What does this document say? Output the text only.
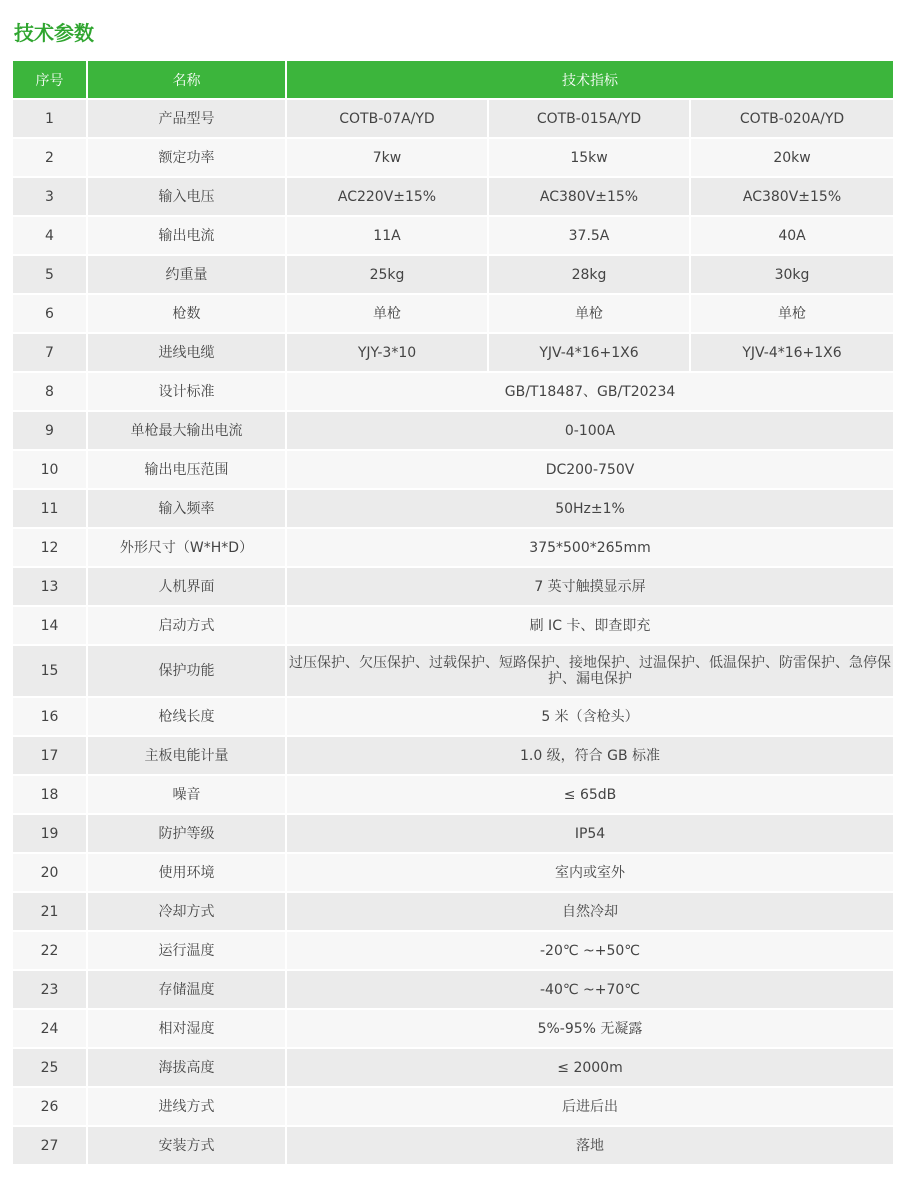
技术参数
序号	名称	技术指标		
1	产品型号	COTB-07A/YD	COTB-015A/YD	COTB-020A/YD
2	额定功率	7kw	15kw	20kw
3	输入电压	AC220V±15%	AC380V±15%	AC380V±15%
4	输出电流	11A	37.5A	40A
5	约重量	25kg	28kg	30kg
6	枪数	单枪	单枪	单枪
7	进线电缆	YJY-3*10	YJV-4*16+1X6	YJV-4*16+1X6
8	设计标准	GB/T18487、GB/T20234		
9	单枪最大输出电流	0-100A		
10	输出电压范围	DC200-750V		
11	输入频率	50Hz±1%		
12	外形尺寸（W*H*D）	375*500*265mm		
13	人机界面	7 英寸触摸显示屏		
14	启动方式	刷 IC 卡、即查即充		
15	保护功能	过压保护、欠压保护、过载保护、短路保护、接地保护、过温保护、低温保护、防雷保护、急停保护、漏电保护		
16	枪线长度	5 米（含枪头）		
17	主板电能计量	1.0 级，符合 GB 标准		
18	噪音	≤ 65dB		
19	防护等级	IP54		
20	使用环境	室内或室外		
21	冷却方式	自然冷却		
22	运行温度	-20℃ ~+50℃		
23	存储温度	-40℃ ~+70℃		
24	相对湿度	5%-95% 无凝露		
25	海拔高度	≤ 2000m		
26	进线方式	后进后出		
27	安装方式	落地		
